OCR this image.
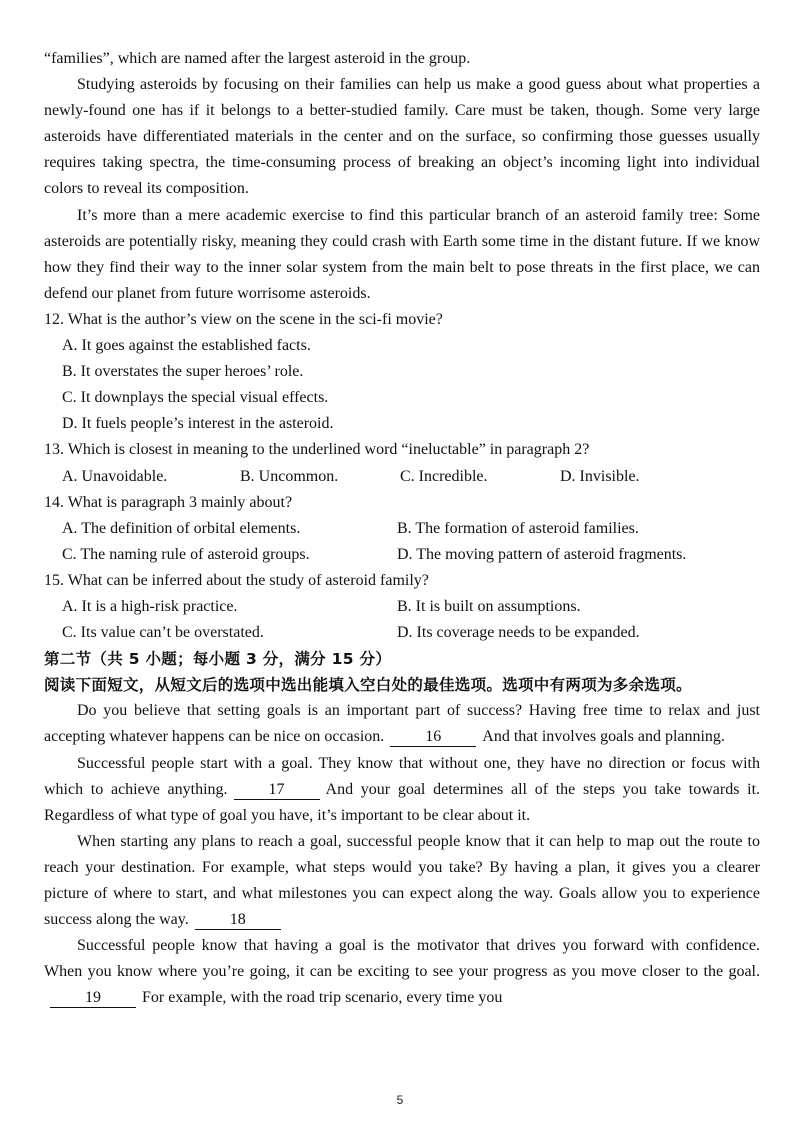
“families”, which are named after the largest asteroid in the group.

Studying asteroids by focusing on their families can help us make a good guess about what properties a newly-found one has if it belongs to a better-studied family. Care must be taken, though. Some very large asteroids have differentiated materials in the center and on the surface, so confirming those guesses usually requires taking spectra, the time-consuming process of breaking an object’s incoming light into individual colors to reveal its composition.

It’s more than a mere academic exercise to find this particular branch of an asteroid family tree: Some asteroids are potentially risky, meaning they could crash with Earth some time in the distant future. If we know how they find their way to the inner solar system from the main belt to pose threats in the first place, we can defend our planet from future worrisome asteroids.

12. What is the author’s view on the scene in the sci-fi movie?

A. It goes against the established facts.
B. It overstates the super heroes’ role.
C. It downplays the special visual effects.
D. It fuels people’s interest in the asteroid.

13. Which is closest in meaning to the underlined word “ineluctable” in paragraph 2?

A. Unavoidable.	B. Uncommon.	C. Incredible.	D. Invisible.

14. What is paragraph 3 mainly about?

A. The definition of orbital elements.	B. The formation of asteroid families.
C. The naming rule of asteroid groups.	D. The moving pattern of asteroid fragments.

15. What can be inferred about the study of asteroid family?

A. It is a high-risk practice.	B. It is built on assumptions.
C. Its value can’t be overstated.	D. Its coverage needs to be expanded.

第二节（共 5 小题；每小题 3 分，满分 15 分）

阅读下面短文，从短文后的选项中选出能填入空白处的最佳选项。选项中有两项为多余选项。

Do you believe that setting goals is an important part of success? Having free time to relax and just accepting whatever happens can be nice on occasion.	16	And that involves goals and planning.

Successful people start with a goal. They know that without one, they have no direction or focus with which to achieve anything.	17	And your goal determines all of the steps you take towards it. Regardless of what type of goal you have, it’s important to be clear about it.

When starting any plans to reach a goal, successful people know that it can help to map out the route to reach your destination. For example, what steps would you take? By having a plan, it gives you a clearer picture of where to start, and what milestones you can expect along the way. Goals allow you to experience success along the way.	18

Successful people know that having a goal is the motivator that drives you forward with confidence. When you know where you’re going, it can be exciting to see your progress as you move closer to the goal.19	For example, with the road trip scenario, every time you

5
